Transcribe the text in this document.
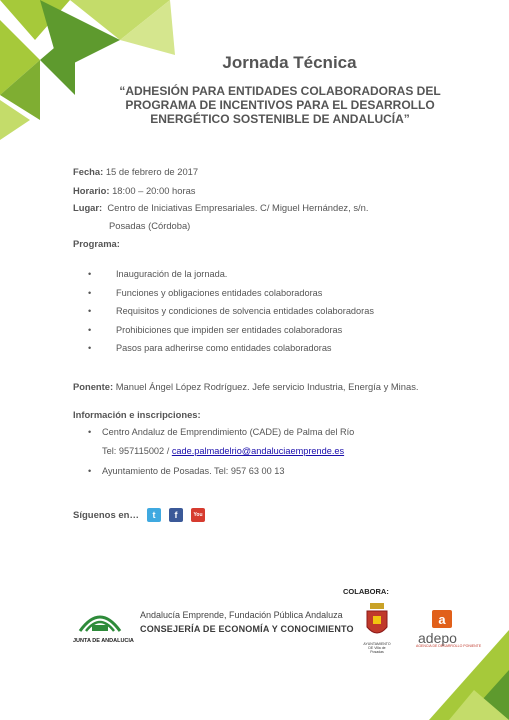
Jornada Técnica
“ADHESIÓN PARA ENTIDADES COLABORADORAS DEL
PROGRAMA DE INCENTIVOS PARA EL DESARROLLO
ENERGÉTICO SOSTENIBLE DE ANDALUCÍA”
Fecha: 15 de febrero de 2017
Horario: 18:00 – 20:00 horas
Lugar: Centro de Iniciativas Empresariales. C/ Miguel Hernández, s/n.
Posadas (Córdoba)
Programa:
•	Inauguración de la jornada.
•	Funciones y obligaciones entidades colaboradoras
•	Requisitos y condiciones de solvencia entidades colaboradoras
•	Prohibiciones que impiden ser entidades colaboradoras
•	Pasos para adherirse como entidades colaboradoras
Ponente: Manuel Ángel López Rodríguez. Jefe servicio Industria, Energía y Minas.
Información e inscripciones:
• Centro Andaluz de Emprendimiento (CADE) de Palma del Río
Tel: 957115002 / cade.palmadelrio@andaluciaemprende.es
• Ayuntamiento de Posadas. Tel: 957 63 00 13
Síguenos en…	t	f	You
COLABORA:
JUNTA DE ANDALUCIA
Andalucía Emprende, Fundación Pública Andaluza
CONSEJERÍA DE ECONOMÍA Y CONOCIMIENTO
AYUNTAMIENTO DE Villa de Posadas
a
adepo
AGENCIA DE DESARROLLO PONIENTE
